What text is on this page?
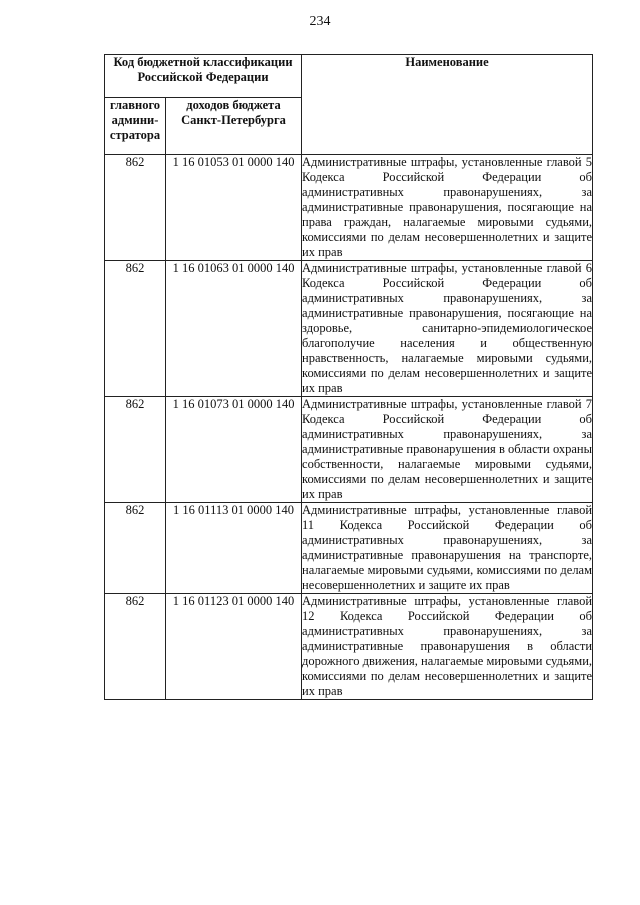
234
Код бюджетной классификации Российской Федерации		Наименование
главного админи-стратора	доходов бюджета Санкт-Петербурга	
862	1 16 01053 01 0000 140	Административные штрафы, установленные главой 5 Кодекса Российской Федерации об административных правонарушениях, за административные правонарушения, посягающие на права граждан, налагаемые мировыми судьями, комиссиями по делам несовершеннолетних и защите их прав
862	1 16 01063 01 0000 140	Административные штрафы, установленные главой 6 Кодекса Российской Федерации об административных правонарушениях, за административные правонарушения, посягающие на здоровье, санитарно-эпидемиологическое благополучие населения и общественную нравственность, налагаемые мировыми судьями, комиссиями по делам несовершеннолетних и защите их прав
862	1 16 01073 01 0000 140	Административные штрафы, установленные главой 7 Кодекса Российской Федерации об административных правонарушениях, за административные правонарушения в области охраны собственности, налагаемые мировыми судьями, комиссиями по делам несовершеннолетних и защите их прав
862	1 16 01113 01 0000 140	Административные штрафы, установленные главой 11 Кодекса Российской Федерации об административных правонарушениях, за административные правонарушения на транспорте, налагаемые мировыми судьями, комиссиями по делам несовершеннолетних и защите их прав
862	1 16 01123 01 0000 140	Административные штрафы, установленные главой 12 Кодекса Российской Федерации об административных правонарушениях, за административные правонарушения в области дорожного движения, налагаемые мировыми судьями, комиссиями по делам несовершеннолетних и защите их прав
